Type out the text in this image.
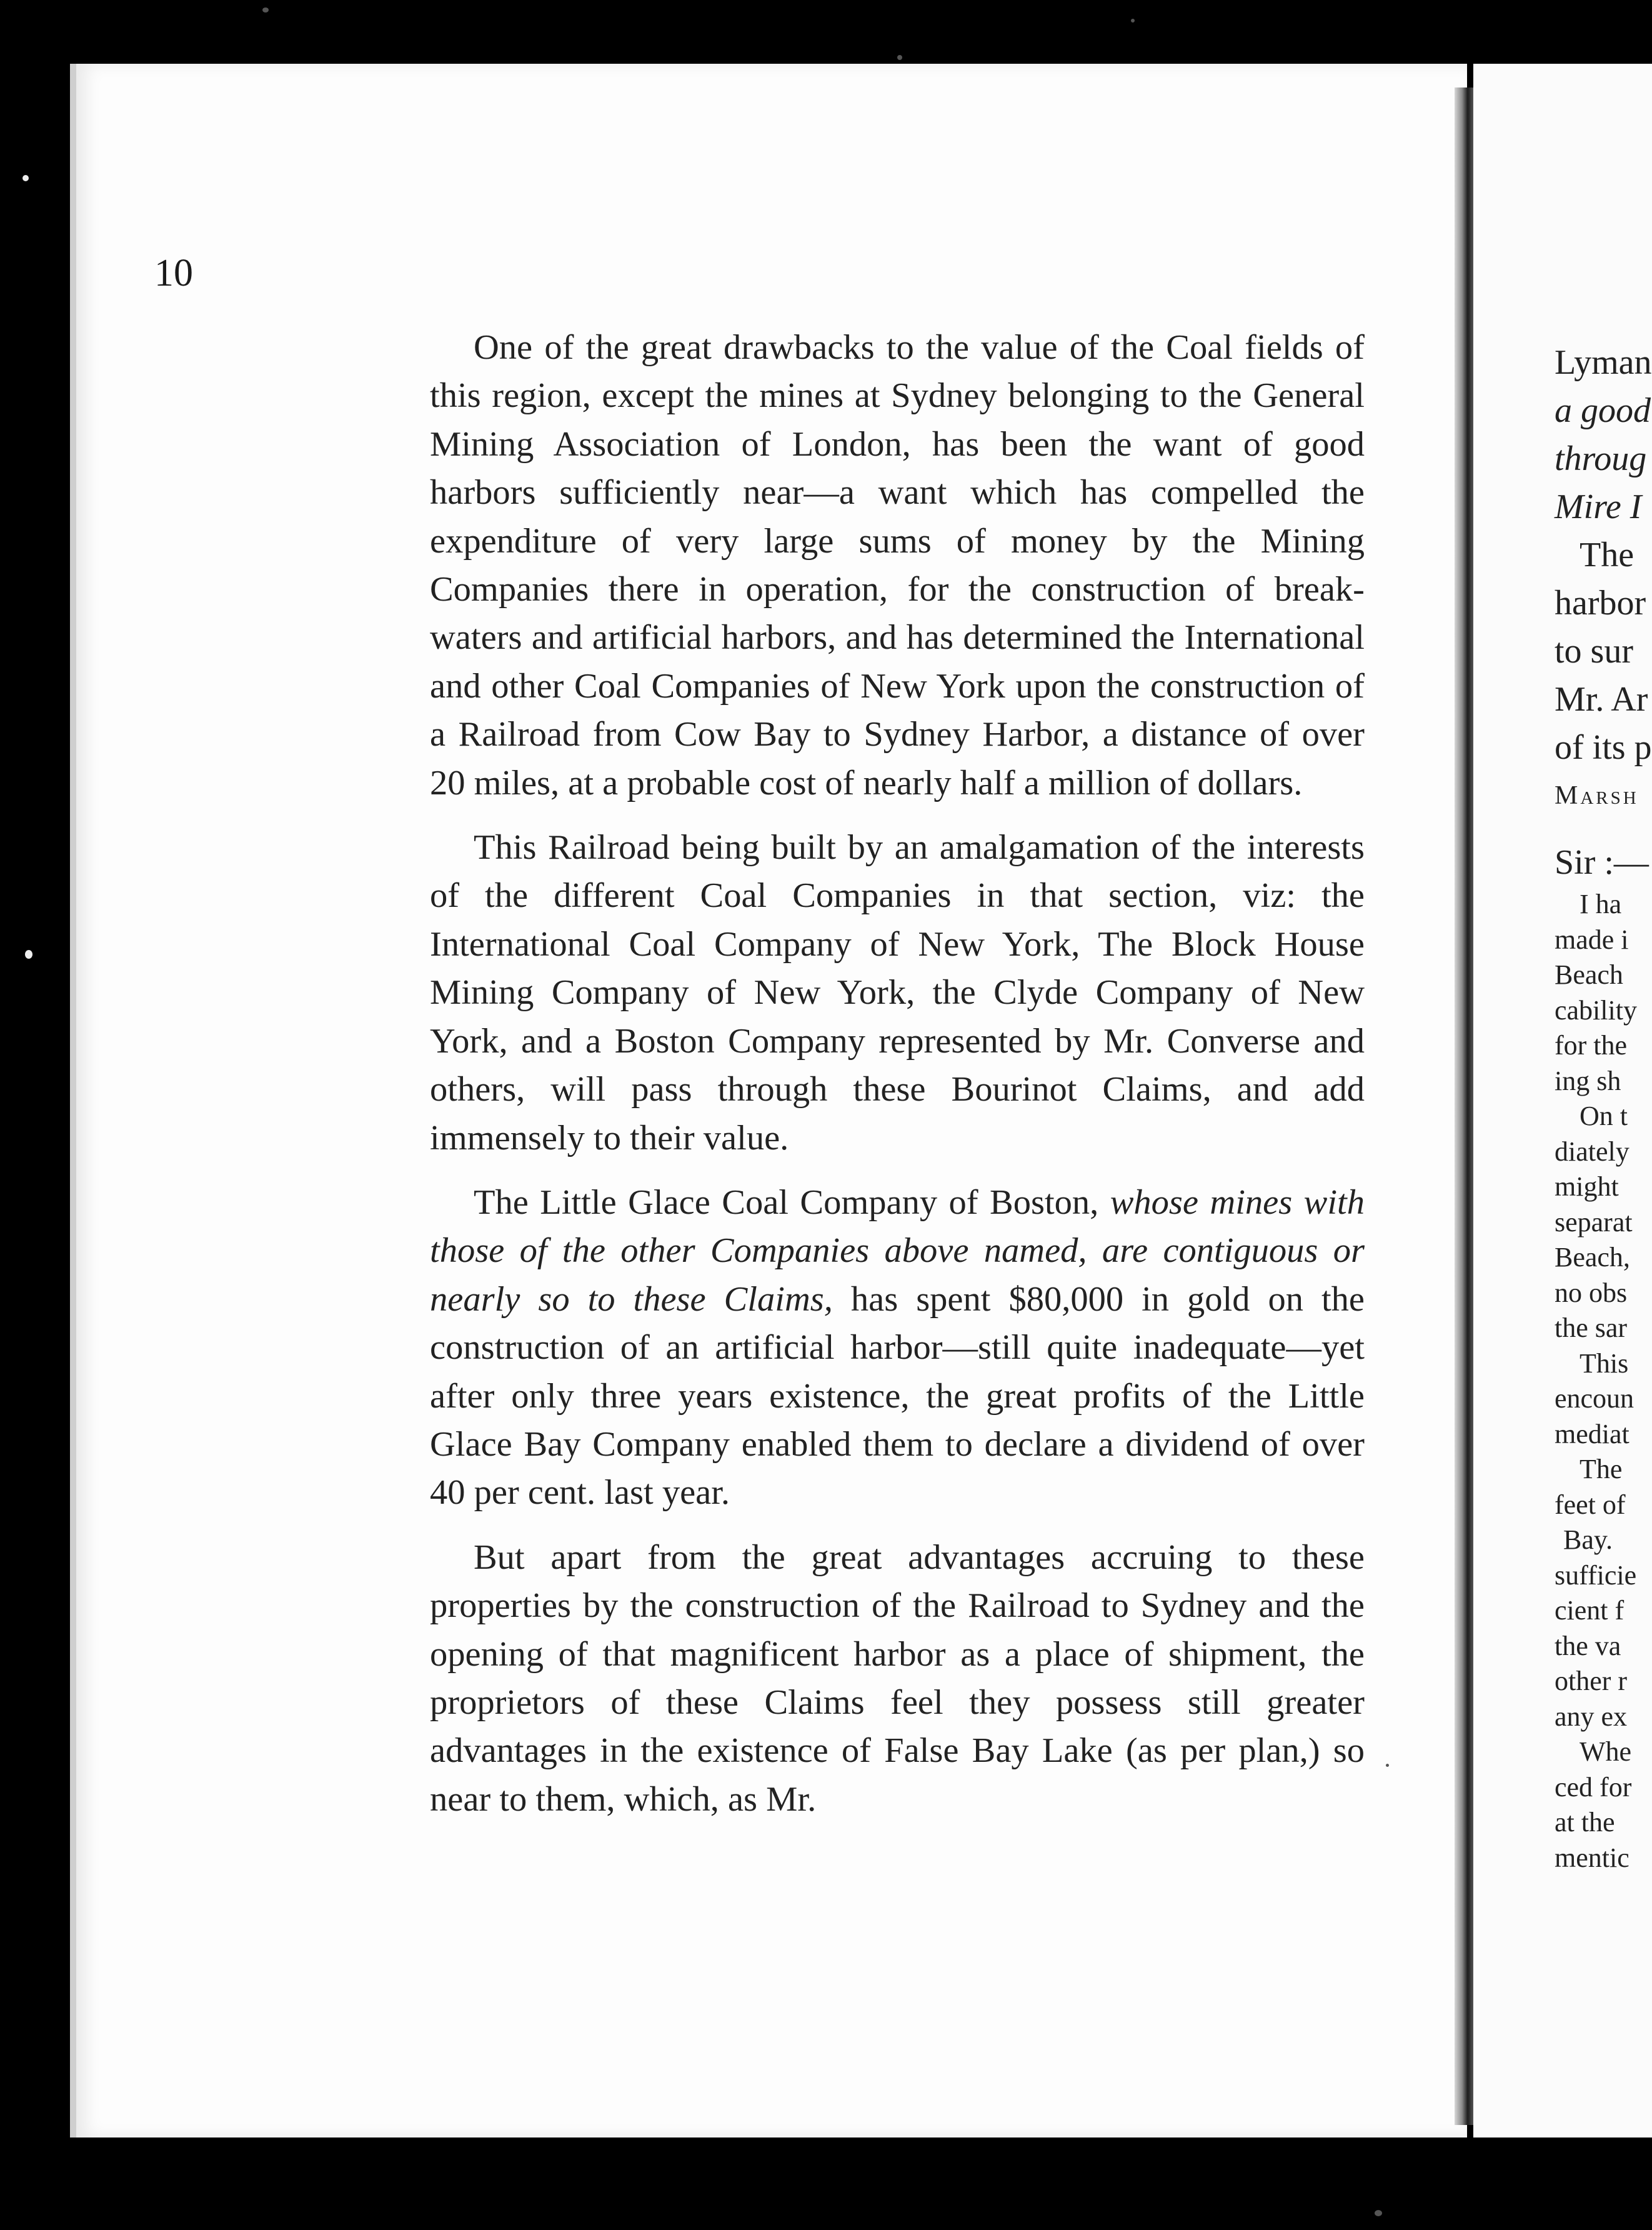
Lyman
a good
throug
Mire I
The
harbor
to sur
Mr. Ar
of its p
Marsh
Sir :—
I ha
made i
Beach
cability
for the
ing sh
On t
diately
might
separat
Beach,
no obs
the sar
This
encoun
mediat
The
feet of
Bay.
sufficie
cient f
the va
other r
any ex
Whe
ced for
at the
mentic
10

One of the great drawbacks to the value of the Coal fields of this region, except the mines at Sydney belonging to the General Mining Association of London, has been the want of good harbors sufficiently near—a want which has compelled the expenditure of very large sums of money by the Mining Companies there in operation, for the construction of break-waters and artificial harbors, and has determined the International and other Coal Companies of New York upon the construction of a Railroad from Cow Bay to Sydney Harbor, a distance of over 20 miles, at a probable cost of nearly half a million of dollars.

This Railroad being built by an amalgamation of the interests of the different Coal Companies in that section, viz: the International Coal Company of New York, The Block House Mining Company of New York, the Clyde Company of New York, and a Boston Company represented by Mr. Converse and others, will pass through these Bourinot Claims, and add immensely to their value.

The Little Glace Coal Company of Boston, whose mines with those of the other Companies above named, are contiguous or nearly so to these Claims, has spent $80,000 in gold on the construction of an artificial harbor—still quite inadequate—yet after only three years existence, the great profits of the Little Glace Bay Company enabled them to declare a dividend of over 40 per cent. last year.

But apart from the great advantages accruing to these properties by the construction of the Railroad to Sydney and the opening of that magnificent harbor as a place of shipment, the proprietors of these Claims feel they possess still greater advantages in the existence of False Bay Lake (as per plan,) so near to them, which, as Mr.
